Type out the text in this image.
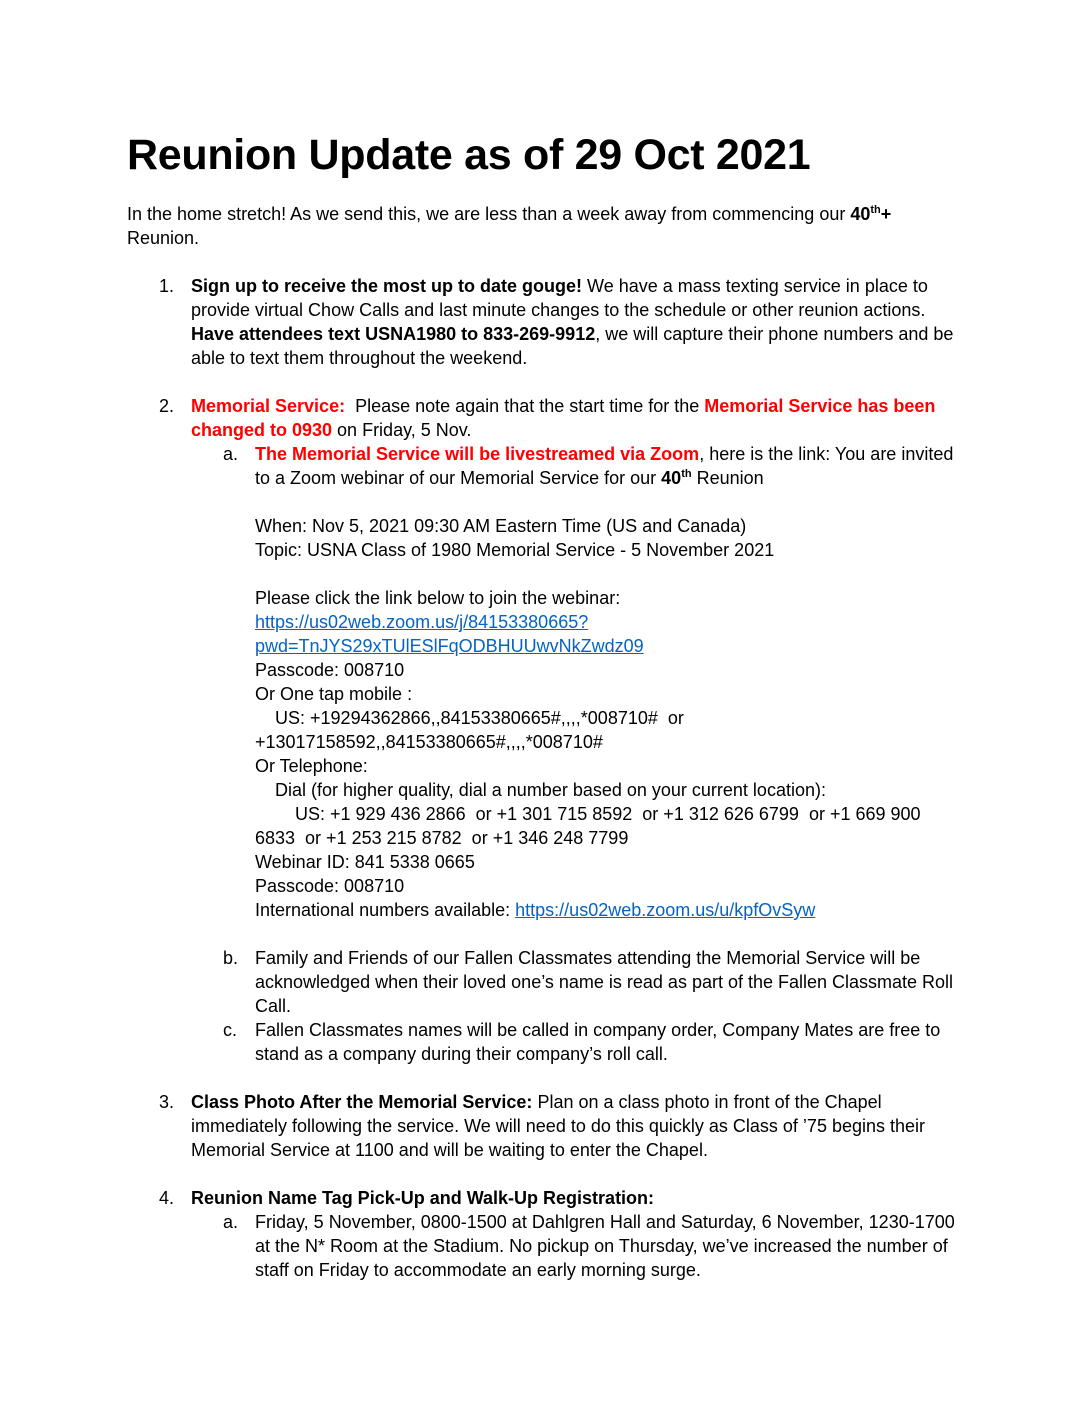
Reunion Update as of 29 Oct 2021

In the home stretch! As we send this, we are less than a week away from commencing our 40th+ Reunion.

1. Sign up to receive the most up to date gouge! We have a mass texting service in place to provide virtual Chow Calls and last minute changes to the schedule or other reunion actions. Have attendees text USNA1980 to 833-269-9912, we will capture their phone numbers and be able to text them throughout the weekend.
2. Memorial Service:  Please note again that the start time for the Memorial Service has been changed to 0930 on Friday, 5 Nov.
a. The Memorial Service will be livestreamed via Zoom, here is the link: You are invited to a Zoom webinar of our Memorial Service for our 40th Reunion

When: Nov 5, 2021 09:30 AM Eastern Time (US and Canada)

Topic: USNA Class of 1980 Memorial Service - 5 November 2021

Please click the link below to join the webinar:

https://us02web.zoom.us/j/84153380665?pwd=TnJYS29xTUlESlFqODBHUUwvNkZwdz09

Passcode: 008710

Or One tap mobile :

US: +19294362866,,84153380665#,,,,*008710#  or +13017158592,,84153380665#,,,,*008710#

Or Telephone:

Dial (for higher quality, dial a number based on your current location):

US: +1 929 436 2866  or +1 301 715 8592  or +1 312 626 6799  or +1 669 900 6833  or +1 253 215 8782  or +1 346 248 7799

Webinar ID: 841 5338 0665

Passcode: 008710

International numbers available: https://us02web.zoom.us/u/kpfOvSyw

b. Family and Friends of our Fallen Classmates attending the Memorial Service will be acknowledged when their loved one’s name is read as part of the Fallen Classmate Roll Call.
c. Fallen Classmates names will be called in company order, Company Mates are free to stand as a company during their company’s roll call.
3. Class Photo After the Memorial Service: Plan on a class photo in front of the Chapel immediately following the service. We will need to do this quickly as Class of ’75 begins their Memorial Service at 1100 and will be waiting to enter the Chapel.
4. Reunion Name Tag Pick-Up and Walk-Up Registration:
a. Friday, 5 November, 0800-1500 at Dahlgren Hall and Saturday, 6 November, 1230-1700 at the N* Room at the Stadium. No pickup on Thursday, we’ve increased the number of staff on Friday to accommodate an early morning surge.
